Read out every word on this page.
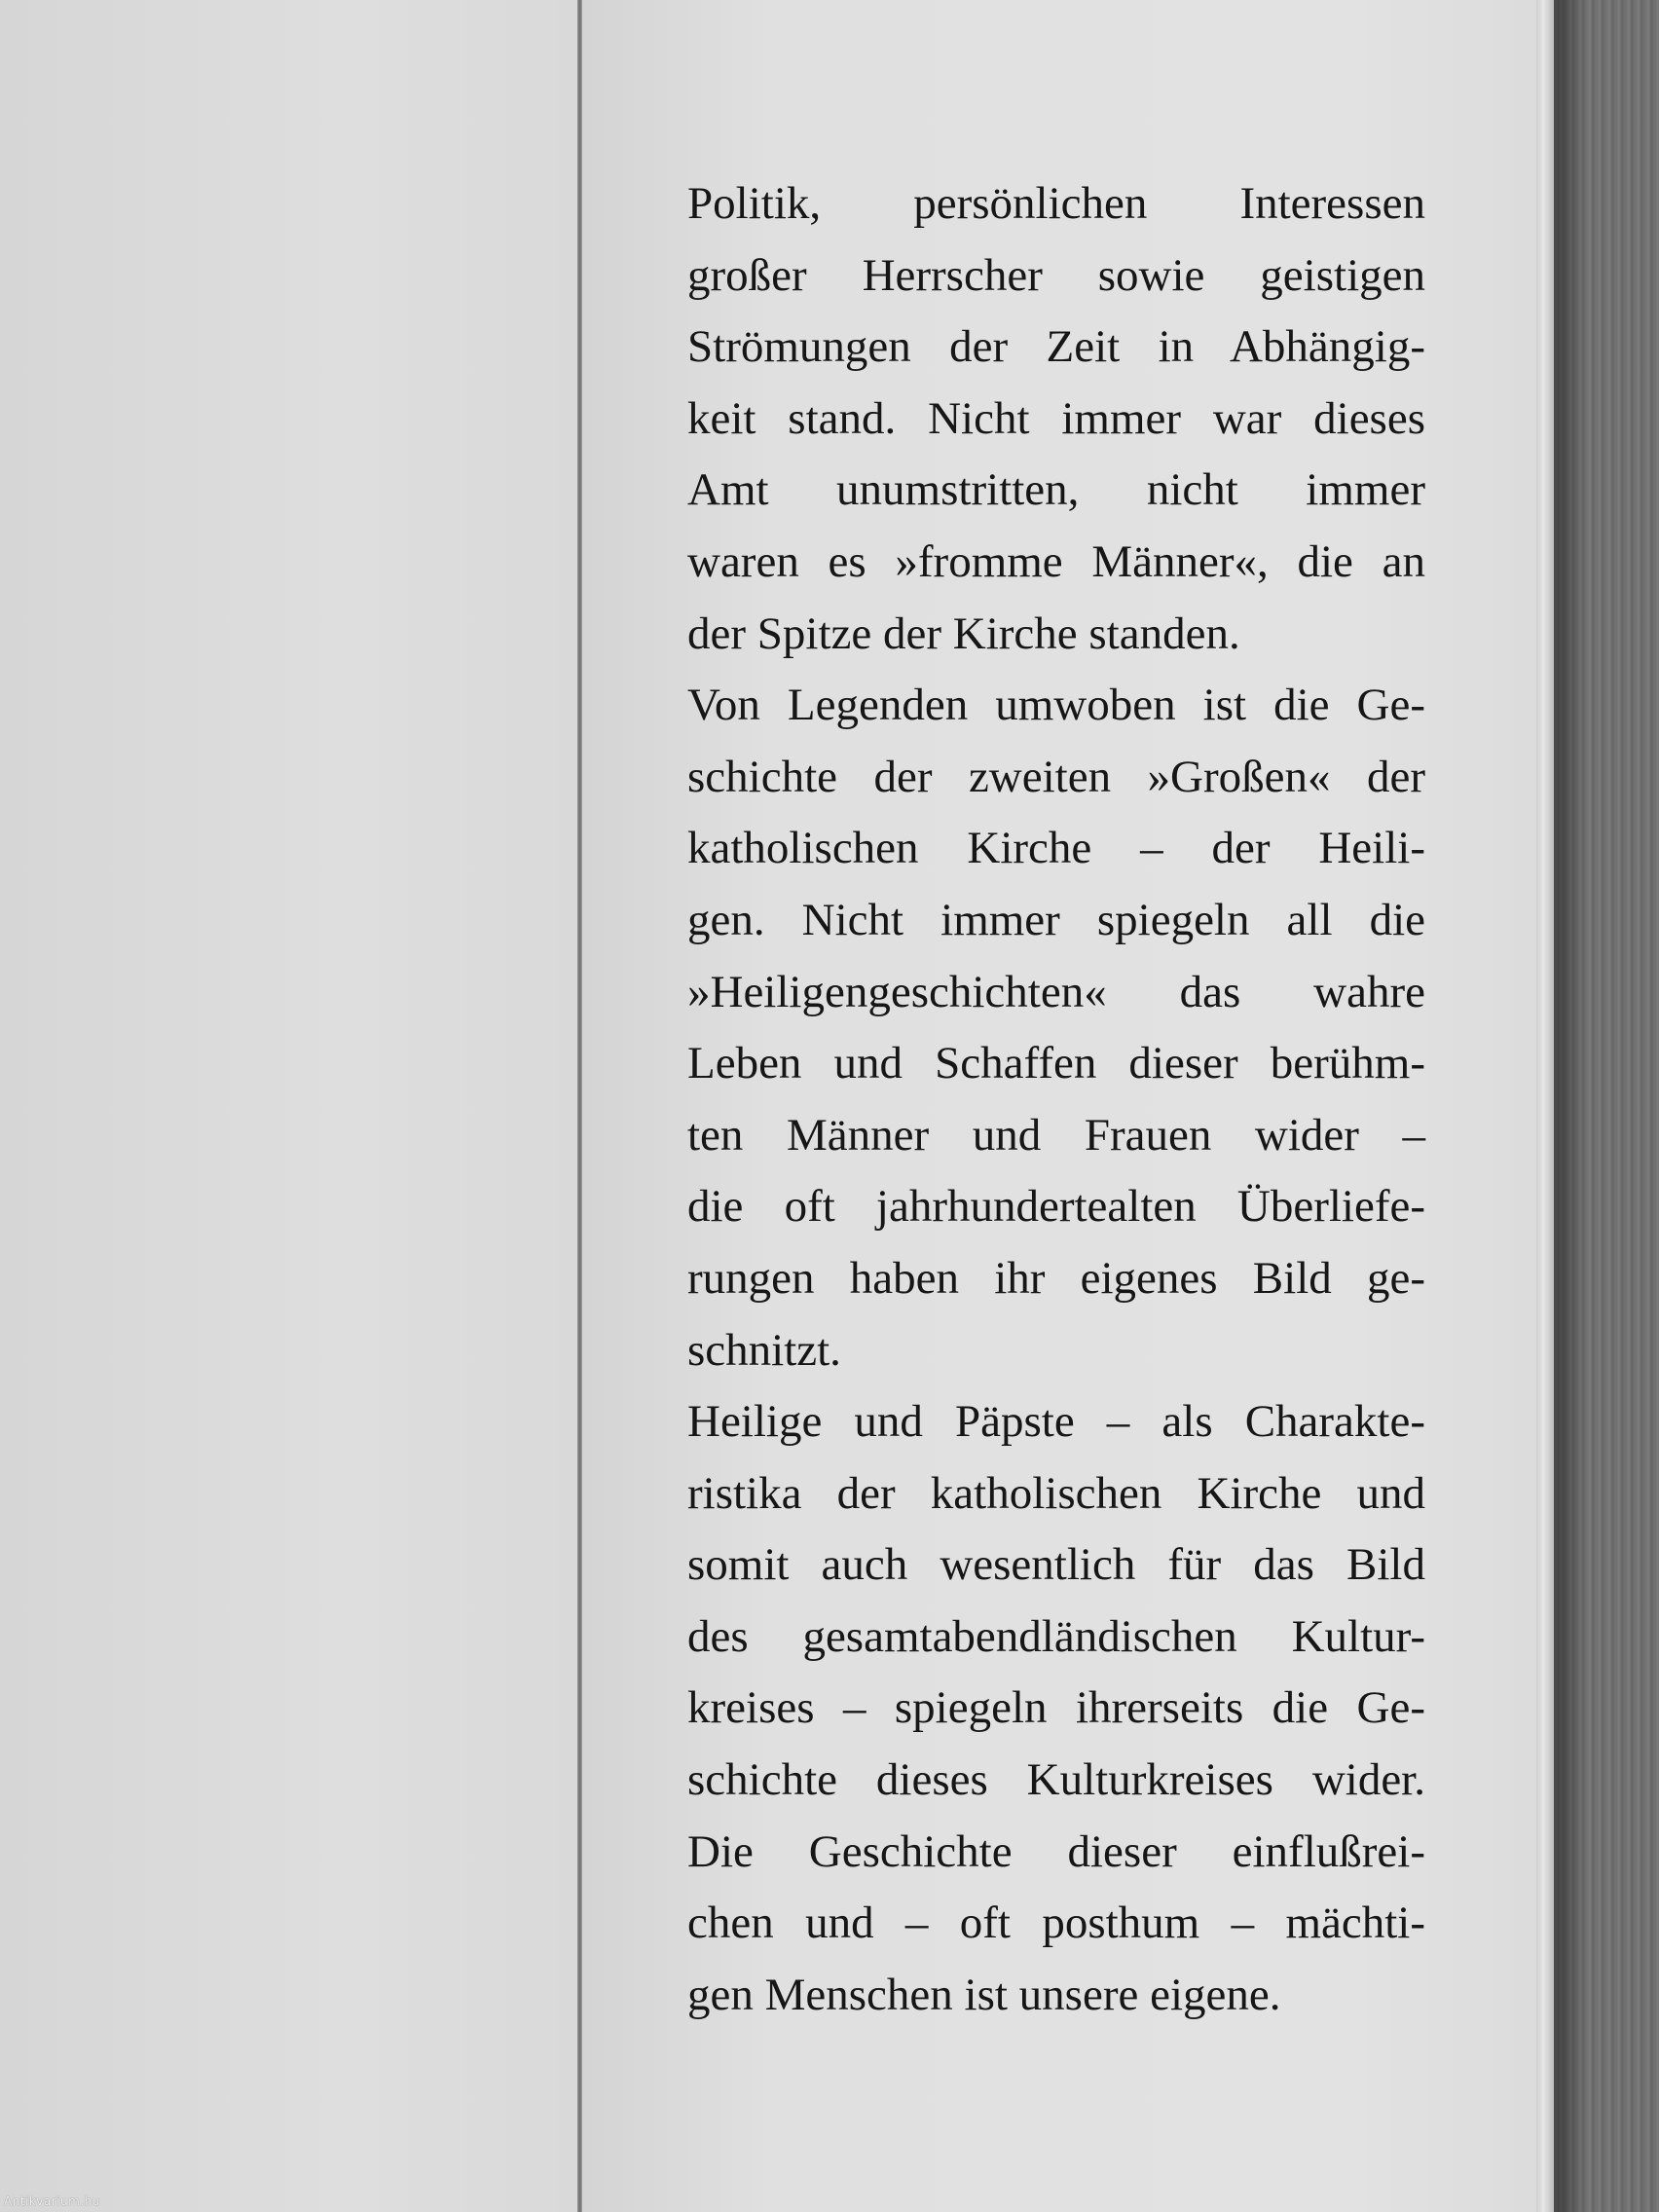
Politik, persönlichen Interessen
großer Herrscher sowie geistigen
Strömungen der Zeit in Abhängig-
keit stand. Nicht immer war dieses
Amt unumstritten, nicht immer
waren es »fromme Männer«, die an
der Spitze der Kirche standen.
Von Legenden umwoben ist die Ge-
schichte der zweiten »Großen« der
katholischen Kirche – der Heili-
gen. Nicht immer spiegeln all die
»Heiligengeschichten« das wahre
Leben und Schaffen dieser berühm-
ten Männer und Frauen wider –
die oft jahrhundertealten Überliefe-
rungen haben ihr eigenes Bild ge-
schnitzt.
Heilige und Päpste – als Charakte-
ristika der katholischen Kirche und
somit auch wesentlich für das Bild
des gesamtabendländischen Kultur-
kreises – spiegeln ihrerseits die Ge-
schichte dieses Kulturkreises wider.
Die Geschichte dieser einflußrei-
chen und – oft posthum – mächti-
gen Menschen ist unsere eigene.
Antikvarium.hu
